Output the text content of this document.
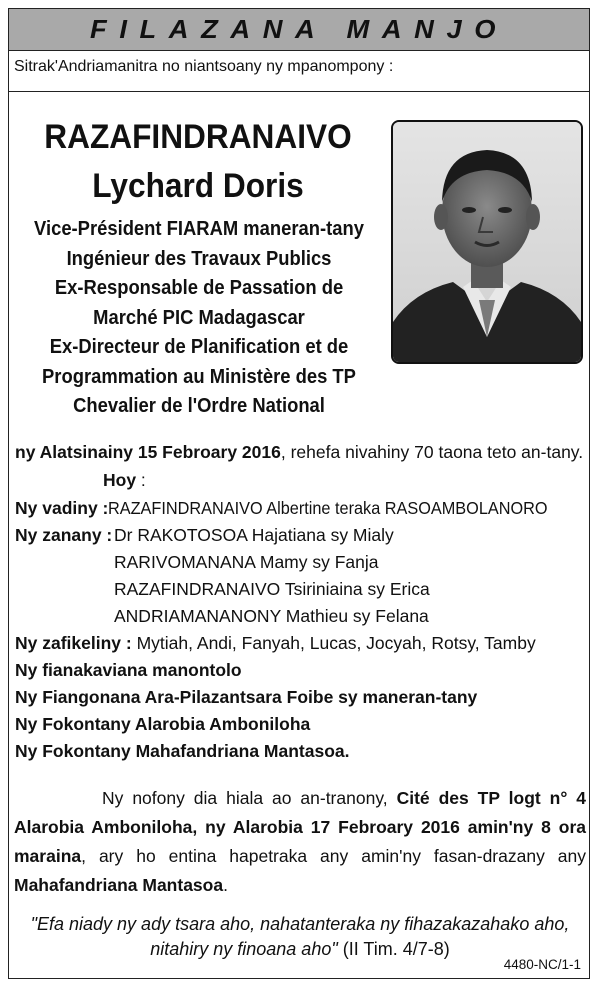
FILAZANA MANJO
Sitrak'Andriamanitra no niantsoany ny mpanompony :
RAZAFINDRANAIVO
Lychard Doris
Vice-Président FIARAM maneran-tany
Ingénieur des Travaux Publics
Ex-Responsable de Passation de
Marché PIC Madagascar
Ex-Directeur de Planification et de
Programmation au Ministère des TP
Chevalier de l'Ordre National
ny Alatsinainy 15 Febroary 2016, rehefa nivahiny 70 taona teto an-tany.
Hoy :
Ny vadiny :RAZAFINDRANAIVO Albertine teraka RASOAMBOLANORO
Ny zanany : Dr RAKOTOSOA Hajatiana sy Mialy
RARIVOMANANA Mamy sy Fanja
RAZAFINDRANAIVO Tsiriniaina sy Erica
ANDRIAMANANONY Mathieu sy Felana
Ny zafikeliny : Mytiah, Andi, Fanyah, Lucas, Jocyah, Rotsy, Tamby
Ny fianakaviana manontolo
Ny Fiangonana Ara-Pilazantsara Foibe sy maneran-tany
Ny Fokontany Alarobia Amboniloha
Ny Fokontany Mahafandriana Mantasoa.
Ny nofony dia hiala ao an-tranony, Cité des TP logt n° 4 Alarobia Amboniloha, ny Alarobia 17 Febroary 2016 amin'ny 8 ora maraina, ary ho entina hapetraka any amin'ny fasan-drazany any Mahafandriana Mantasoa.
"Efa niady ny ady tsara aho, nahatanteraka ny fihazakazahako aho,
nitahiry ny finoana aho" (II Tim. 4/7-8)
4480-NC/1-1
